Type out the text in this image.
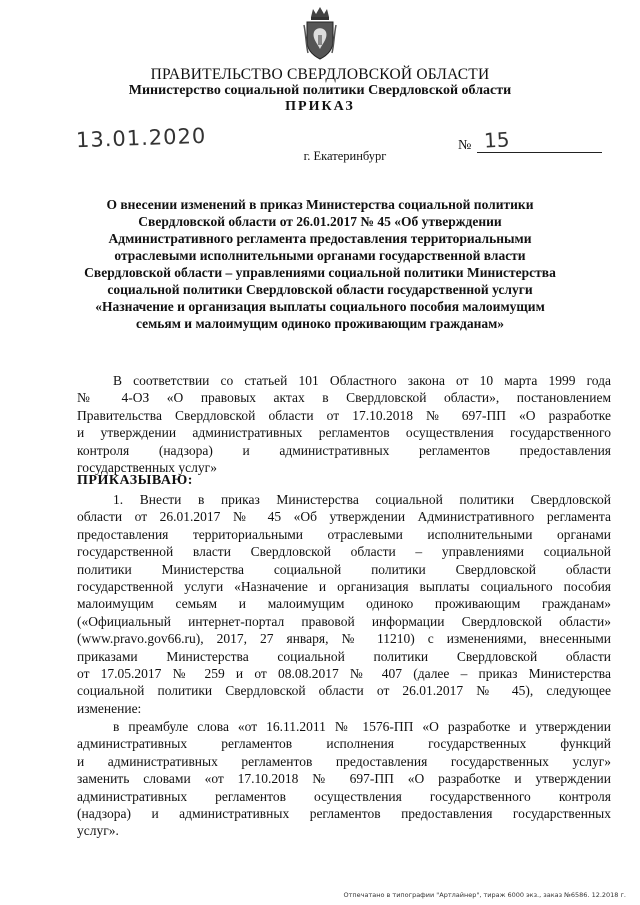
ПРАВИТЕЛЬСТВО СВЕРДЛОВСКОЙ ОБЛАСТИ
Министерство социальной политики Свердловской области
ПРИКАЗ
13.01.2020	№ 15
г. Екатеринбург
О внесении изменений в приказ Министерства социальной политики
Свердловской области от 26.01.2017 № 45 «Об утверждении
Административного регламента предоставления территориальными
отраслевыми исполнительными органами государственной власти
Свердловской области – управлениями социальной политики Министерства
социальной политики Свердловской области государственной услуги
«Назначение и организация выплаты социального пособия малоимущим
семьям и малоимущим одиноко проживающим гражданам»
В соответствии со статьей 101 Областного закона от 10 марта 1999 года
№ 4-ОЗ «О правовых актах в Свердловской области», постановлением
Правительства Свердловской области от 17.10.2018 № 697-ПП «О разработке
и утверждении административных регламентов осуществления государственного
контроля (надзора) и административных регламентов предоставления
государственных услуг»
ПРИКАЗЫВАЮ:
1. Внести в приказ Министерства социальной политики Свердловской
области от 26.01.2017 № 45 «Об утверждении Административного регламента
предоставления территориальными отраслевыми исполнительными органами
государственной власти Свердловской области – управлениями социальной
политики Министерства социальной политики Свердловской области
государственной услуги «Назначение и организация выплаты социального пособия
малоимущим семьям и малоимущим одиноко проживающим гражданам»
(«Официальный интернет-портал правовой информации Свердловской области»
(www.pravo.gov66.ru), 2017, 27 января, № 11210) с изменениями, внесенными
приказами Министерства социальной политики Свердловской области
от 17.05.2017 № 259 и от 08.08.2017 № 407 (далее – приказ Министерства
социальной политики Свердловской области от 26.01.2017 № 45), следующее
изменение:
в преамбуле слова «от 16.11.2011 № 1576-ПП «О разработке и утверждении
административных регламентов исполнения государственных функций
и административных регламентов предоставления государственных услуг»
заменить словами «от 17.10.2018 № 697-ПП «О разработке и утверждении
административных регламентов осуществления государственного контроля
(надзора) и административных регламентов предоставления государственных
услуг».
Отпечатано в типографии "Артлайнер", тираж 6000 экз., заказ №6586. 12.2018 г.
